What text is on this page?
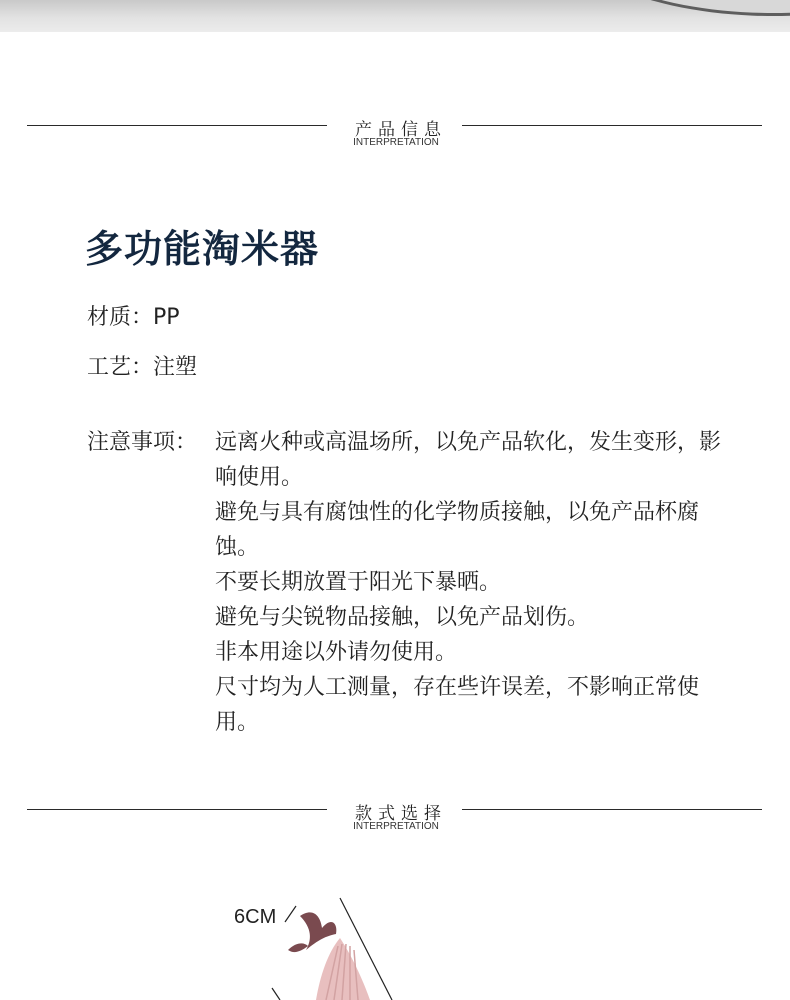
产品信息
INTERPRETATION
多功能淘米器
材质：PP
工艺：注塑
注意事项： 远离火种或高温场所，以免产品软化，发生变形，影响使用。
避免与具有腐蚀性的化学物质接触，以免产品杯腐蚀。
不要长期放置于阳光下暴晒。
避免与尖锐物品接触，以免产品划伤。
非本用途以外请勿使用。
尺寸均为人工测量，存在些许误差，不影响正常使用。
款式选择
INTERPRETATION
6CM
